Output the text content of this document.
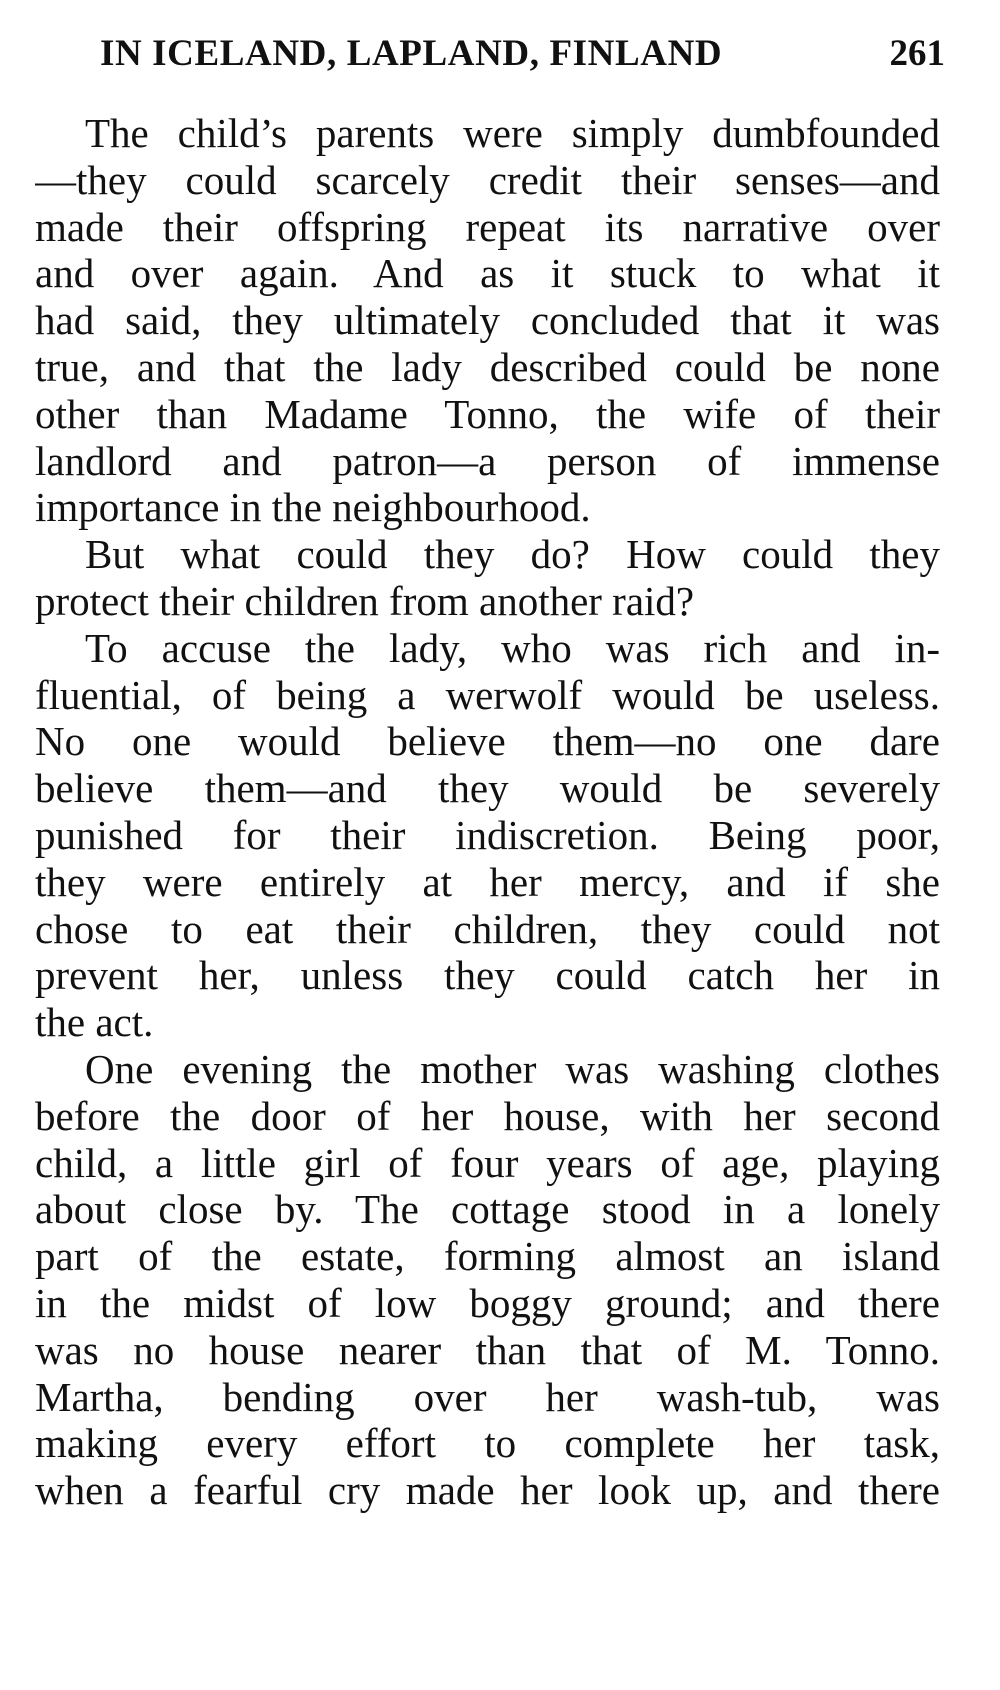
IN ICELAND, LAPLAND, FINLAND	261
The child’s parents were simply dumbfounded
—they could scarcely credit their senses—and
made their offspring repeat its narrative over
and over again. And as it stuck to what it
had said, they ultimately concluded that it was
true, and that the lady described could be none
other than Madame Tonno, the wife of their
landlord and patron—a person of immense
importance in the neighbourhood.
But what could they do? How could they
protect their children from another raid?
To accuse the lady, who was rich and in-
fluential, of being a werwolf would be useless.
No one would believe them—no one dare
believe them—and they would be severely
punished for their indiscretion. Being poor,
they were entirely at her mercy, and if she
chose to eat their children, they could not
prevent her, unless they could catch her in
the act.
One evening the mother was washing clothes
before the door of her house, with her second
child, a little girl of four years of age, playing
about close by. The cottage stood in a lonely
part of the estate, forming almost an island
in the midst of low boggy ground; and there
was no house nearer than that of M. Tonno.
Martha, bending over her wash-tub, was
making every effort to complete her task,
when a fearful cry made her look up, and there
